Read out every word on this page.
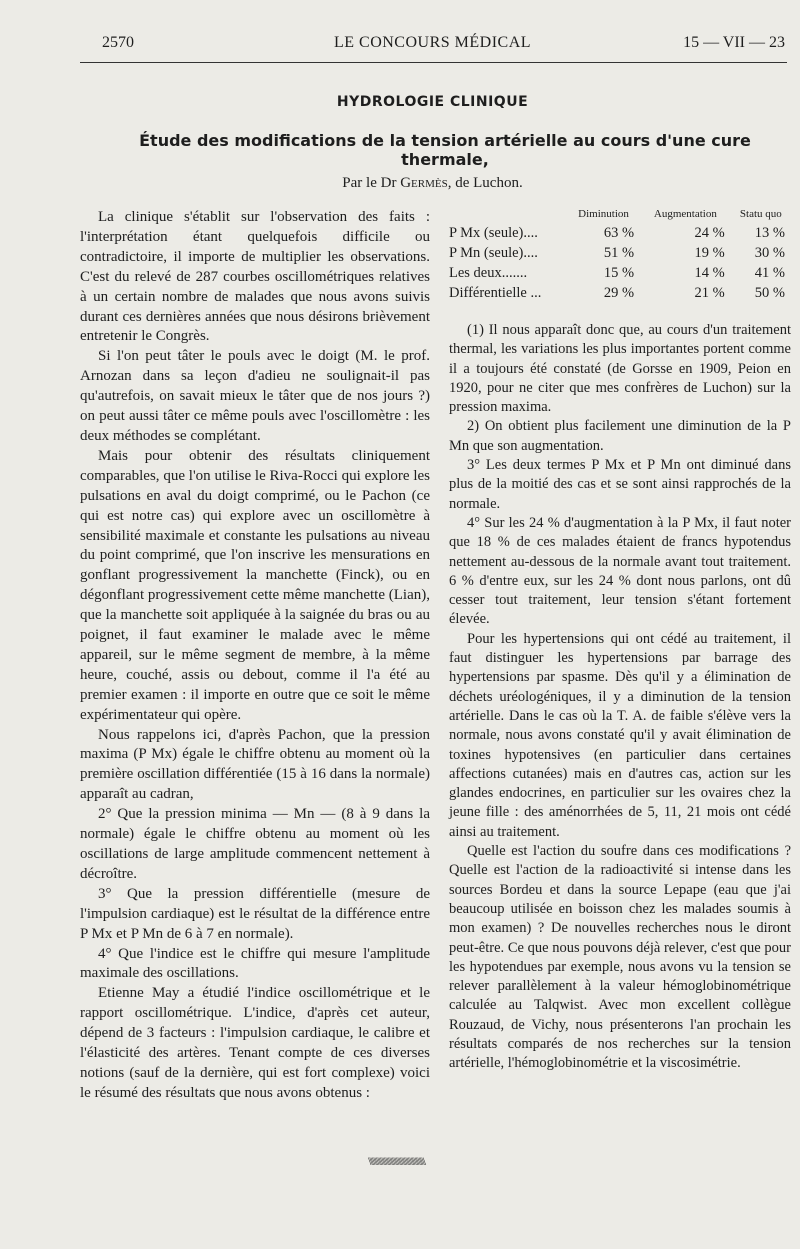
2570	LE CONCOURS MÉDICAL	15 — VII — 23
HYDROLOGIE CLINIQUE
Étude des modifications de la tension artérielle au cours d'une cure thermale,
Par le Dr Germès, de Luchon.

La clinique s'établit sur l'observation des faits : l'interprétation étant quelquefois difficile ou contradictoire, il importe de multiplier les observations. C'est du relevé de 287 courbes oscillométriques relatives à un certain nombre de malades que nous avons suivis durant ces dernières années que nous désirons brièvement entretenir le Congrès.

Si l'on peut tâter le pouls avec le doigt (M. le prof. Arnozan dans sa leçon d'adieu ne soulignait-il pas qu'autrefois, on savait mieux le tâter que de nos jours ?) on peut aussi tâter ce même pouls avec l'oscillomètre : les deux méthodes se complétant.

Mais pour obtenir des résultats cliniquement comparables, que l'on utilise le Riva-Rocci qui explore les pulsations en aval du doigt comprimé, ou le Pachon (ce qui est notre cas) qui explore avec un oscillomètre à sensibilité maximale et constante les pulsations au niveau du point comprimé, que l'on inscrive les mensurations en gonflant progressivement la manchette (Finck), ou en dégonflant progressivement cette même manchette (Lian), que la manchette soit appliquée à la saignée du bras ou au poignet, il faut examiner le malade avec le même appareil, sur le même segment de membre, à la même heure, couché, assis ou debout, comme il l'a été au premier examen : il importe en outre que ce soit le même expérimentateur qui opère.

Nous rappelons ici, d'après Pachon, que la pression maxima (P Mx) égale le chiffre obtenu au moment où la première oscillation différentiée (15 à 16 dans la normale) apparaît au cadran,

2° Que la pression minima — Mn — (8 à 9 dans la normale) égale le chiffre obtenu au moment où les oscillations de large amplitude commencent nettement à décroître.

3° Que la pression différentielle (mesure de l'impulsion cardiaque) est le résultat de la différence entre P Mx et P Mn de 6 à 7 en normale).

4° Que l'indice est le chiffre qui mesure l'amplitude maximale des oscillations.

Etienne May a étudié l'indice oscillométrique et le rapport oscillométrique. L'indice, d'après cet auteur, dépend de 3 facteurs : l'impulsion cardiaque, le calibre et l'élasticité des artères. Tenant compte de ces diverses notions (sauf de la dernière, qui est fort complexe) voici le résumé des résultats que nous avons obtenus :

	Diminution	Augmentation	Statu quo
P Mx (seule)....	63 %	24 %	13 %
P Mn (seule)....	51 %	19 %	30 %
Les deux.......	15 %	14 %	41 %
Différentielle ...	29 %	21 %	50 %

(1) Il nous apparaît donc que, au cours d'un traitement thermal, les variations les plus importantes portent comme il a toujours été constaté (de Gorsse en 1909, Peion en 1920, pour ne citer que mes confrères de Luchon) sur la pression maxima.

2) On obtient plus facilement une diminution de la P Mn que son augmentation.

3° Les deux termes P Mx et P Mn ont diminué dans plus de la moitié des cas et se sont ainsi rapprochés de la normale.

4° Sur les 24 % d'augmentation à la P Mx, il faut noter que 18 % de ces malades étaient de francs hypotendus nettement au-dessous de la normale avant tout traitement. 6 % d'entre eux, sur les 24 % dont nous parlons, ont dû cesser tout traitement, leur tension s'étant fortement élevée.

Pour les hypertensions qui ont cédé au traitement, il faut distinguer les hypertensions par barrage des hypertensions par spasme. Dès qu'il y a élimination de déchets uréologéniques, il y a diminution de la tension artérielle. Dans le cas où la T. A. de faible s'élève vers la normale, nous avons constaté qu'il y avait élimination de toxines hypotensives (en particulier dans certaines affections cutanées) mais en d'autres cas, action sur les glandes endocrines, en particulier sur les ovaires chez la jeune fille : des aménorrhées de 5, 11, 21 mois ont cédé ainsi au traitement.

Quelle est l'action du soufre dans ces modifications ? Quelle est l'action de la radioactivité si intense dans les sources Bordeu et dans la source Lepape (eau que j'ai beaucoup utilisée en boisson chez les malades soumis à mon examen) ? De nouvelles recherches nous le diront peut-être. Ce que nous pouvons déjà relever, c'est que pour les hypotendues par exemple, nous avons vu la tension se relever parallèlement à la valeur hémoglobinométrique calculée au Talqwist. Avec mon excellent collègue Rouzaud, de Vichy, nous présenterons l'an prochain les résultats comparés de nos recherches sur la tension artérielle, l'hémoglobinométrie et la viscosimétrie.

\\\\\\\\\\\\\\\\\\\\\\\\\\\\\\\\\\\\\\\\\\
